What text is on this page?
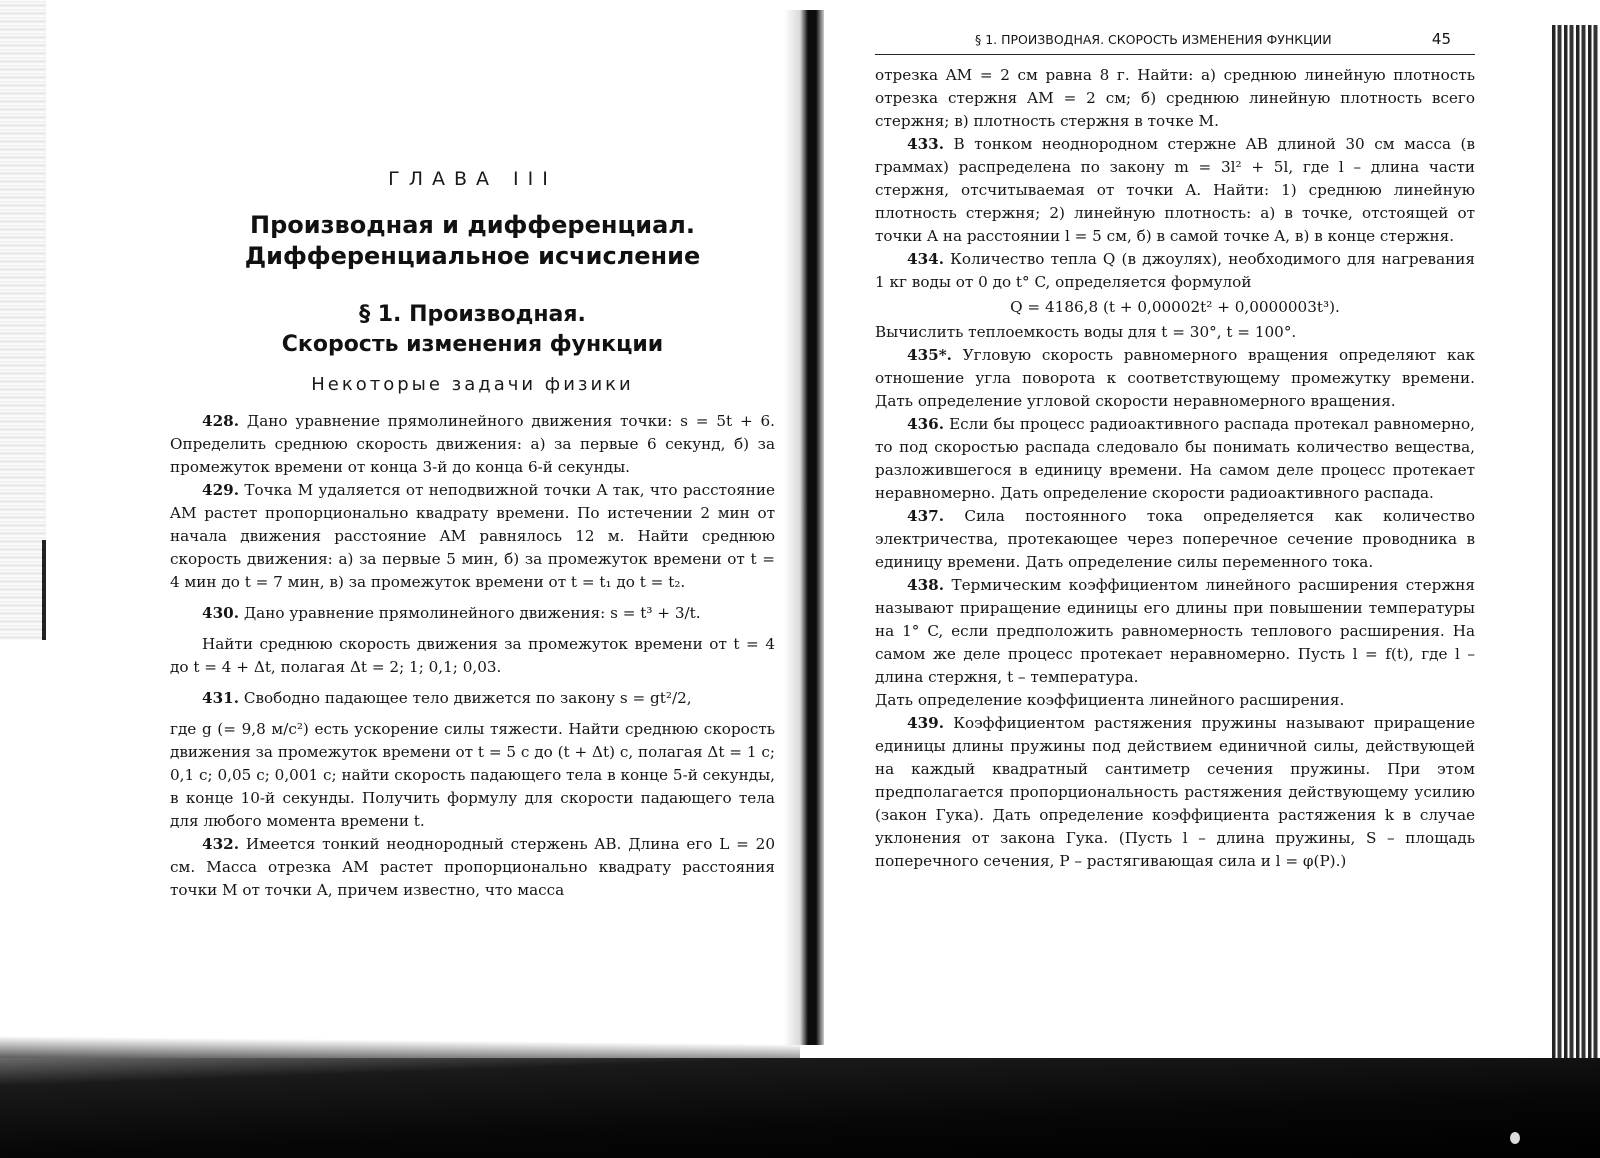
ГЛАВА III
Производная и дифференциал.
Дифференциальное исчисление
§ 1. Производная.
Скорость изменения функции
Некоторые задачи физики

428. Дано уравнение прямолинейного движения точки: s = 5t + 6. Определить среднюю скорость движения: а) за первые 6 секунд, б) за промежуток времени от конца 3-й до конца 6-й секунды.

429. Точка M удаляется от неподвижной точки A так, что расстояние AM растет пропорционально квадрату времени. По истечении 2 мин от начала движения расстояние AM равнялось 12 м. Найти среднюю скорость движения: а) за первые 5 мин, б) за промежуток времени от t = 4 мин до t = 7 мин, в) за промежуток времени от t = t₁ до t = t₂.

430. Дано уравнение прямолинейного движения: s = t³ + 3/t.

Найти среднюю скорость движения за промежуток времени от t = 4 до t = 4 + Δt, полагая Δt = 2; 1; 0,1; 0,03.

431. Свободно падающее тело движется по закону s = gt²/2,

где g (= 9,8 м/с²) есть ускорение силы тяжести. Найти среднюю скорость движения за промежуток времени от t = 5 с до (t + Δt) с, полагая Δt = 1 с; 0,1 с; 0,05 с; 0,001 с; найти скорость падающего тела в конце 5-й секунды, в конце 10-й секунды. Получить формулу для скорости падающего тела для любого момента времени t.

432. Имеется тонкий неоднородный стержень AB. Длина его L = 20 см. Масса отрезка AM растет пропорционально квадрату расстояния точки M от точки A, причем известно, что масса

§ 1. ПРОИЗВОДНАЯ. СКОРОСТЬ ИЗМЕНЕНИЯ ФУНКЦИИ	45

отрезка AM = 2 см равна 8 г. Найти: а) среднюю линейную плотность отрезка стержня AM = 2 см; б) среднюю линейную плотность всего стержня; в) плотность стержня в точке M.

433. В тонком неоднородном стержне AB длиной 30 см масса (в граммах) распределена по закону m = 3l² + 5l, где l – длина части стержня, отсчитываемая от точки A. Найти: 1) среднюю линейную плотность стержня; 2) линейную плотность: а) в точке, отстоящей от точки A на расстоянии l = 5 см, б) в самой точке A, в) в конце стержня.

434. Количество тепла Q (в джоулях), необходимого для нагревания 1 кг воды от 0 до t° C, определяется формулой

Q = 4186,8 (t + 0,00002t² + 0,0000003t³).

Вычислить теплоемкость воды для t = 30°, t = 100°.

435*. Угловую скорость равномерного вращения определяют как отношение угла поворота к соответствующему промежутку времени. Дать определение угловой скорости неравномерного вращения.

436. Если бы процесс радиоактивного распада протекал равномерно, то под скоростью распада следовало бы понимать количество вещества, разложившегося в единицу времени. На самом деле процесс протекает неравномерно. Дать определение скорости радиоактивного распада.

437. Сила постоянного тока определяется как количество электричества, протекающее через поперечное сечение проводника в единицу времени. Дать определение силы переменного тока.

438. Термическим коэффициентом линейного расширения стержня называют приращение единицы его длины при повышении температуры на 1° C, если предположить равномерность теплового расширения. На самом же деле процесс протекает неравномерно. Пусть l = f(t), где l – длина стержня, t – температура.

Дать определение коэффициента линейного расширения.

439. Коэффициентом растяжения пружины называют приращение единицы длины пружины под действием единичной силы, действующей на каждый квадратный сантиметр сечения пружины. При этом предполагается пропорциональность растяжения действующему усилию (закон Гука). Дать определение коэффициента растяжения k в случае уклонения от закона Гука. (Пусть l – длина пружины, S – площадь поперечного сечения, P – растягивающая сила и l = φ(P).)
